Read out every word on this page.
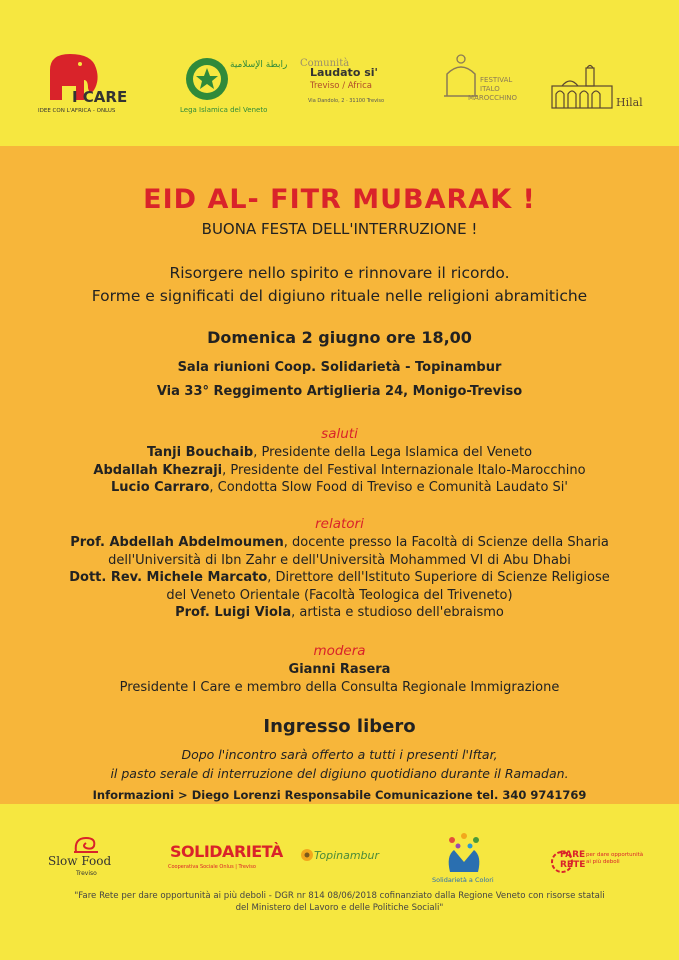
I CARE
IDEE CON L'AFRICA - ONLUS
رابطة الإسلامية
Lega Islamica del Veneto
Comunità
Laudato si'
Treviso / Africa
Via Dandolo, 2 · 31100 Treviso
FESTIVAL
ITALO
MAROCCHINO	Hilal
EID AL- FITR MUBARAK !
BUONA FESTA DELL'INTERRUZIONE !
Risorgere nello spirito e rinnovare il ricordo.
Forme e significati del digiuno rituale nelle religioni abramitiche
Domenica 2 giugno ore 18,00
Sala riunioni Coop. Solidarietà - Topinambur
Via 33° Reggimento Artiglieria 24, Monigo-Treviso
saluti
Tanji Bouchaib, Presidente della Lega Islamica del Veneto
Abdallah Khezraji, Presidente del Festival Internazionale Italo-Marocchino
Lucio Carraro, Condotta Slow Food di Treviso e Comunità Laudato Si'
relatori
Prof. Abdellah Abdelmoumen, docente presso la Facoltà di Scienze della Sharia
dell'Università di Ibn Zahr e dell'Università Mohammed VI di Abu Dhabi
Dott. Rev. Michele Marcato, Direttore dell'Istituto Superiore di Scienze Religiose
del Veneto Orientale (Facoltà Teologica del Triveneto)
Prof. Luigi Viola, artista e studioso dell'ebraismo
modera
Gianni Rasera
Presidente I Care e membro della Consulta Regionale Immigrazione
Ingresso libero
Dopo l'incontro sarà offerto a tutti i presenti l'Iftar,
il pasto serale di interruzione del digiuno quotidiano durante il Ramadan.
Informazioni > Diego Lorenzi Responsabile Comunicazione tel. 340 9741769
Slow Food
Treviso
SOLIDARIETÀ
Cooperativa Sociale Onlus | Treviso
Topinambur
Solidarietà a Colori
FARE
RETE
per dare opportunità ai più deboli
"Fare Rete per dare opportunità ai più deboli - DGR nr 814 08/06/2018 cofinanziato dalla Regione Veneto con risorse statali
del Ministero del Lavoro e delle Politiche Sociali"
